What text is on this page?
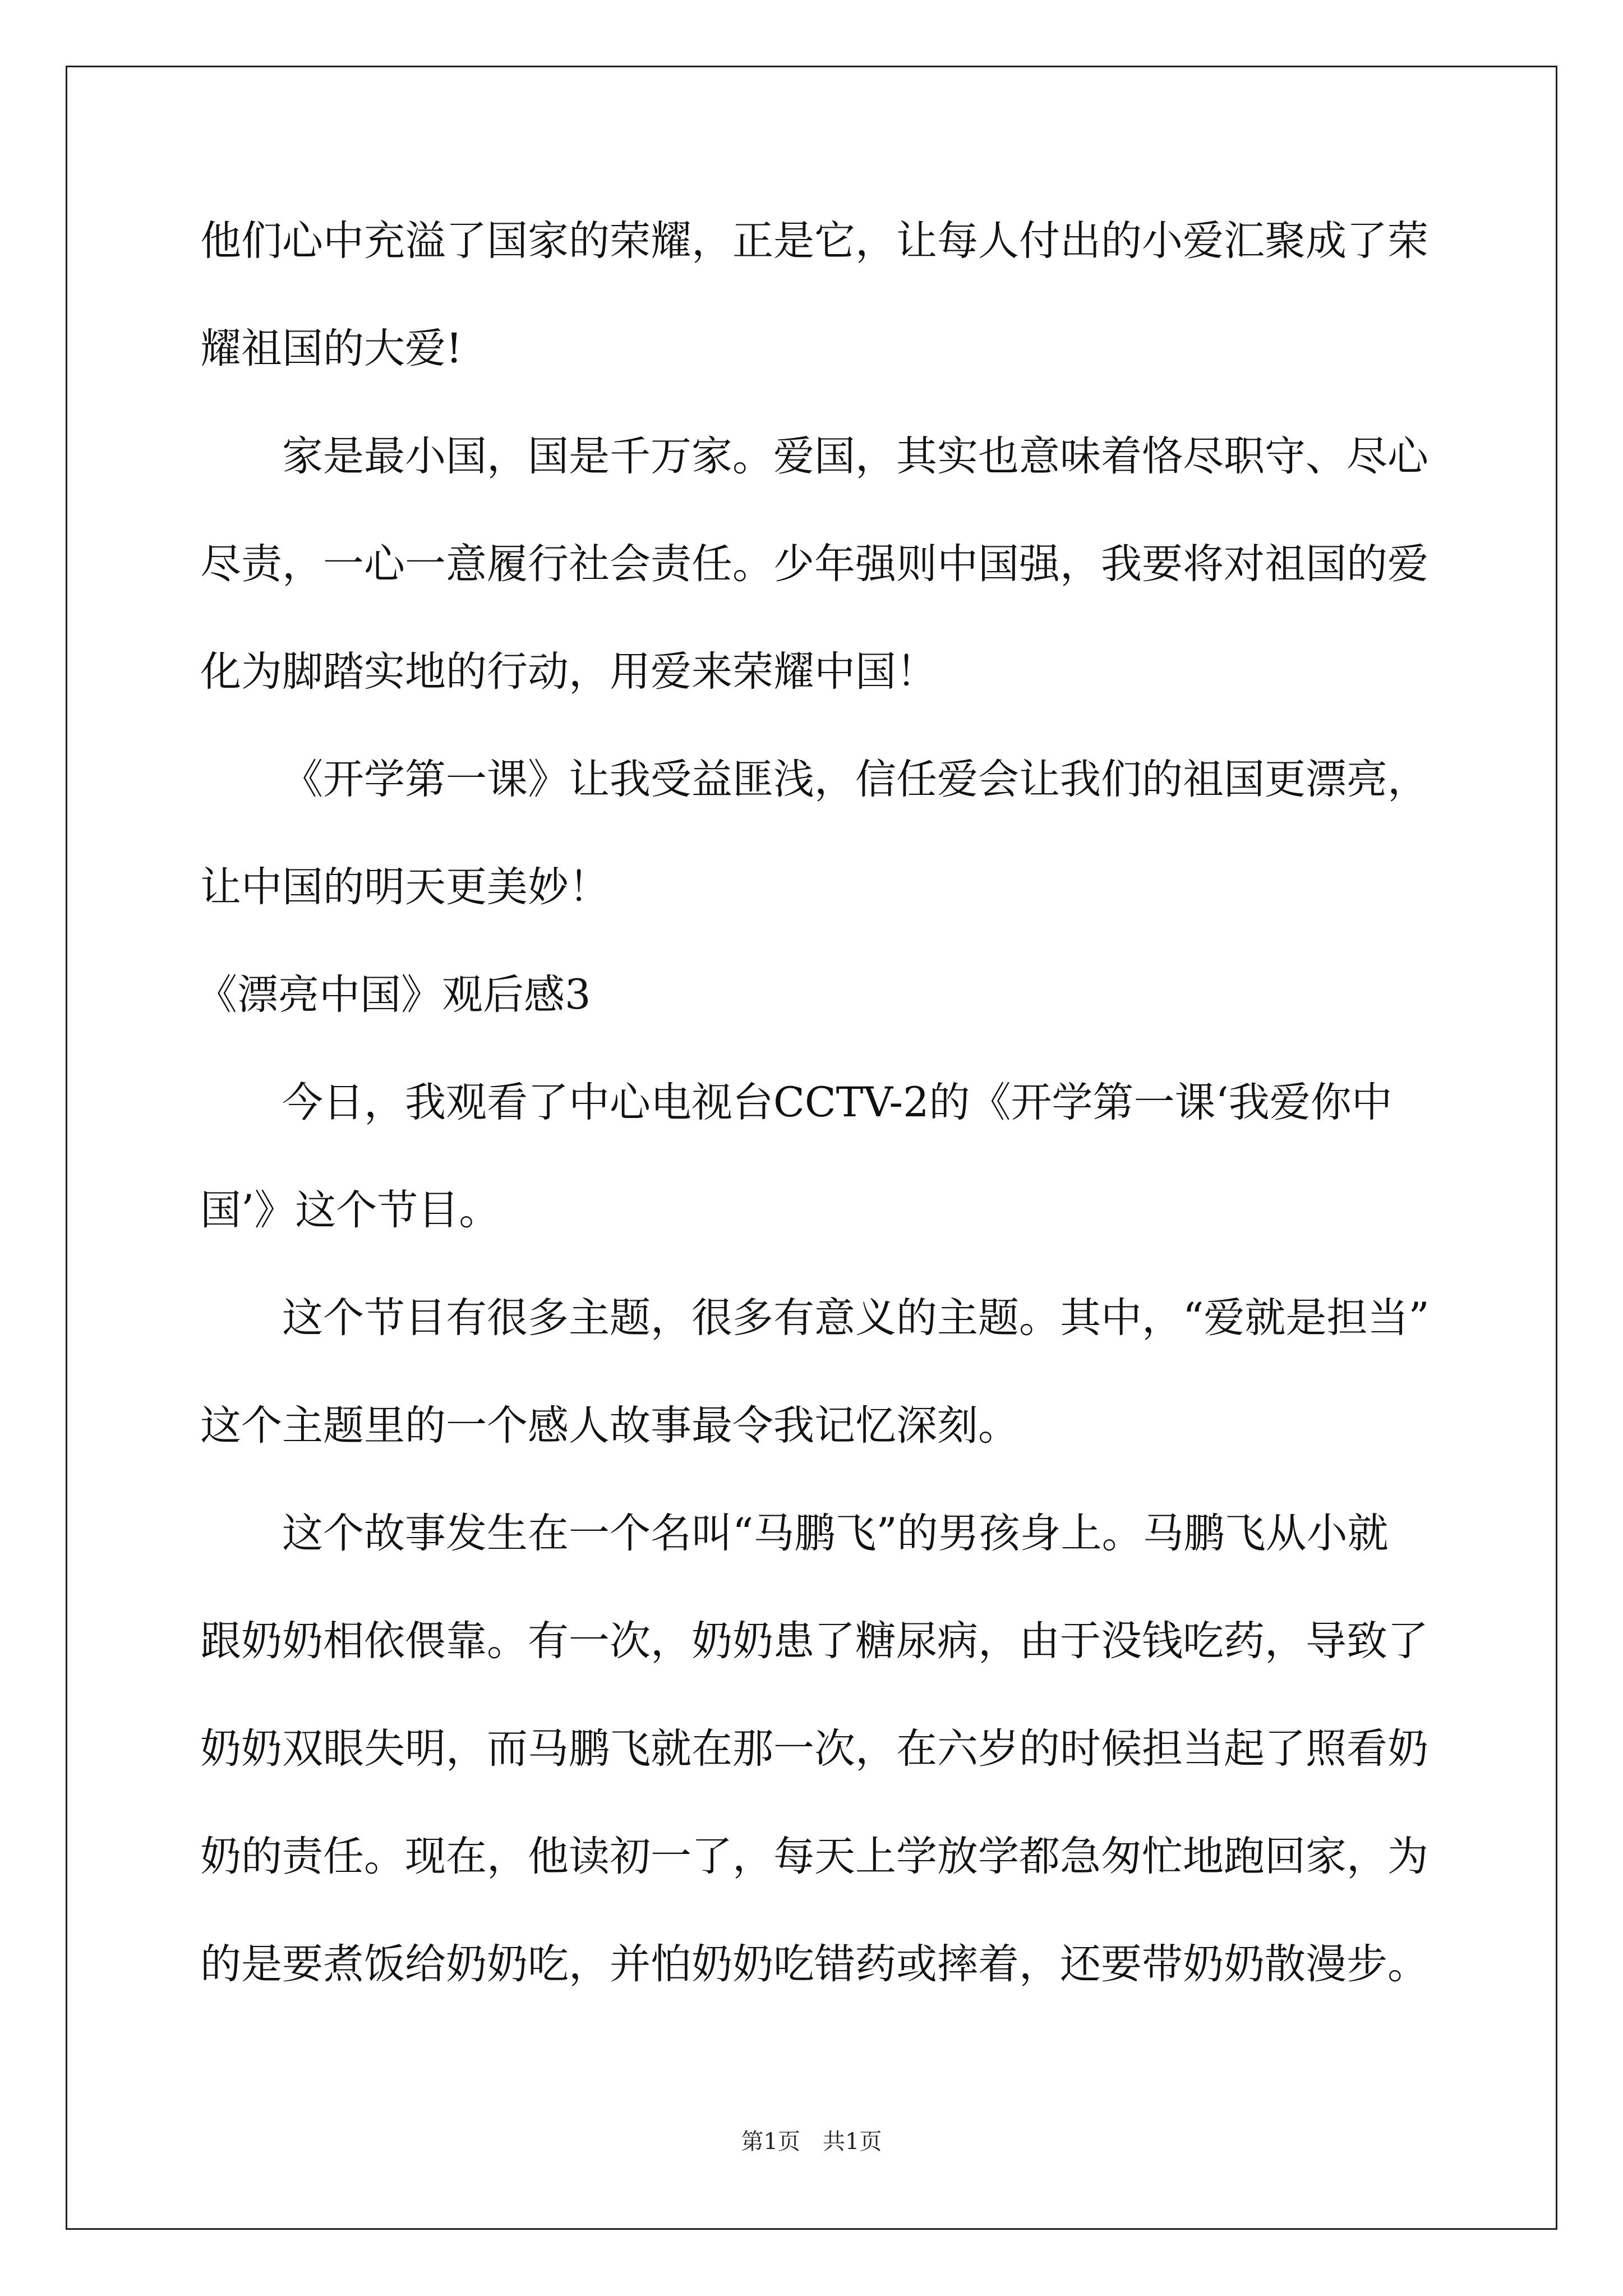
他们心中充溢了国家的荣耀，正是它，让每人付出的小爱汇聚成了荣
耀祖国的大爱!
家是最小国，国是千万家。爱国，其实也意味着恪尽职守、尽心
尽责，一心一意履行社会责任。少年强则中国强，我要将对祖国的爱
化为脚踏实地的行动，用爱来荣耀中国！
《开学第一课》让我受益匪浅，信任爱会让我们的祖国更漂亮，
让中国的明天更美妙！
《漂亮中国》观后感3
今日，我观看了中心电视台CCTV-2的《开学第一课‘我爱你中
国’》这个节目。
这个节目有很多主题，很多有意义的主题。其中，“爱就是担当”
这个主题里的一个感人故事最令我记忆深刻。
这个故事发生在一个名叫“马鹏飞”的男孩身上。马鹏飞从小就
跟奶奶相依偎靠。有一次，奶奶患了糖尿病，由于没钱吃药，导致了
奶奶双眼失明，而马鹏飞就在那一次，在六岁的时候担当起了照看奶
奶的责任。现在，他读初一了，每天上学放学都急匆忙地跑回家，为
的是要煮饭给奶奶吃，并怕奶奶吃错药或摔着，还要带奶奶散漫步。
第1页　共1页
